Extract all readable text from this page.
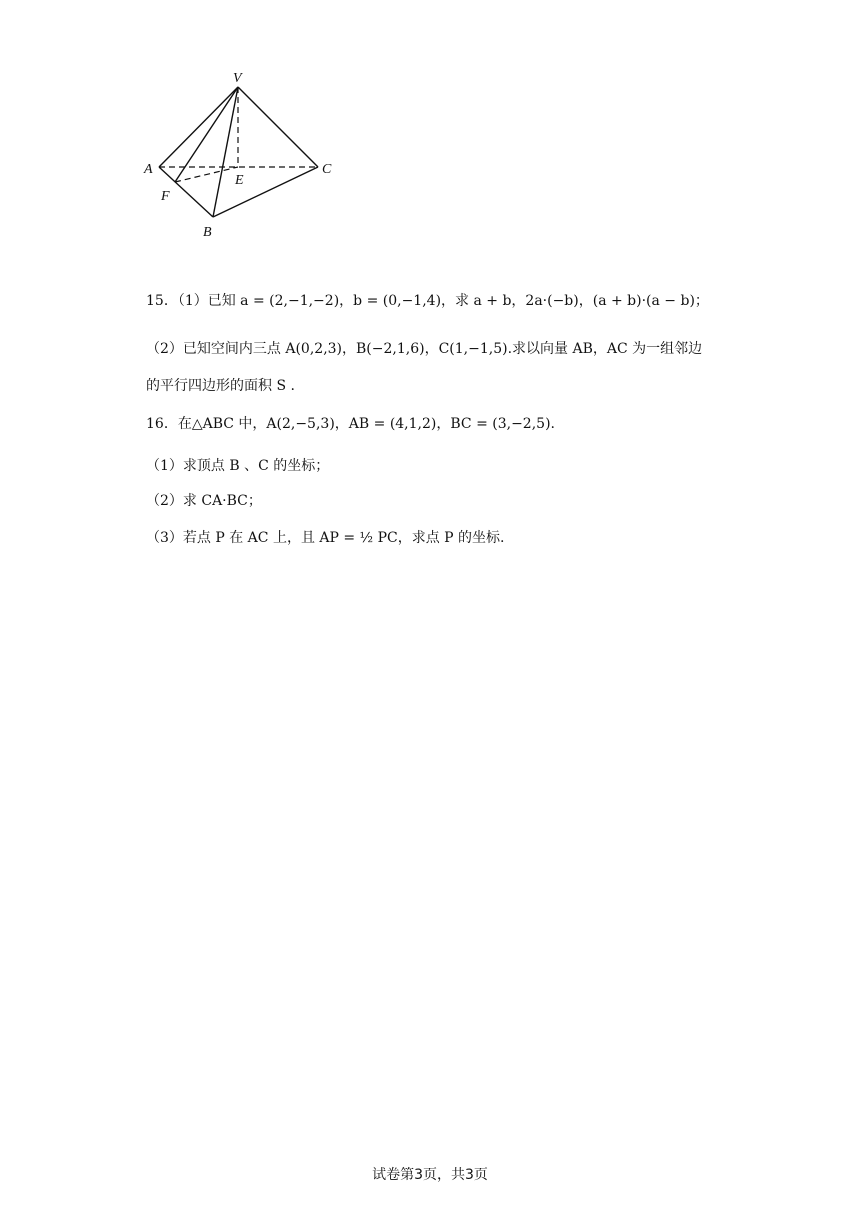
V
A
E
C
F
B
15．（1）已知 a = (2,−1,−2)，b = (0,−1,4)，求 a + b，2a·(−b)，(a + b)·(a − b)；
（2）已知空间内三点 A(0,2,3)，B(−2,1,6)，C(1,−1,5).求以向量 AB，AC 为一组邻边
的平行四边形的面积 S .
16．在△ABC 中，A(2,−5,3)，AB = (4,1,2)，BC = (3,−2,5).
（1）求顶点 B 、C 的坐标；
（2）求 CA·BC；
（3）若点 P 在 AC 上，且 AP = ½ PC，求点 P 的坐标.
试卷第3页，共3页
